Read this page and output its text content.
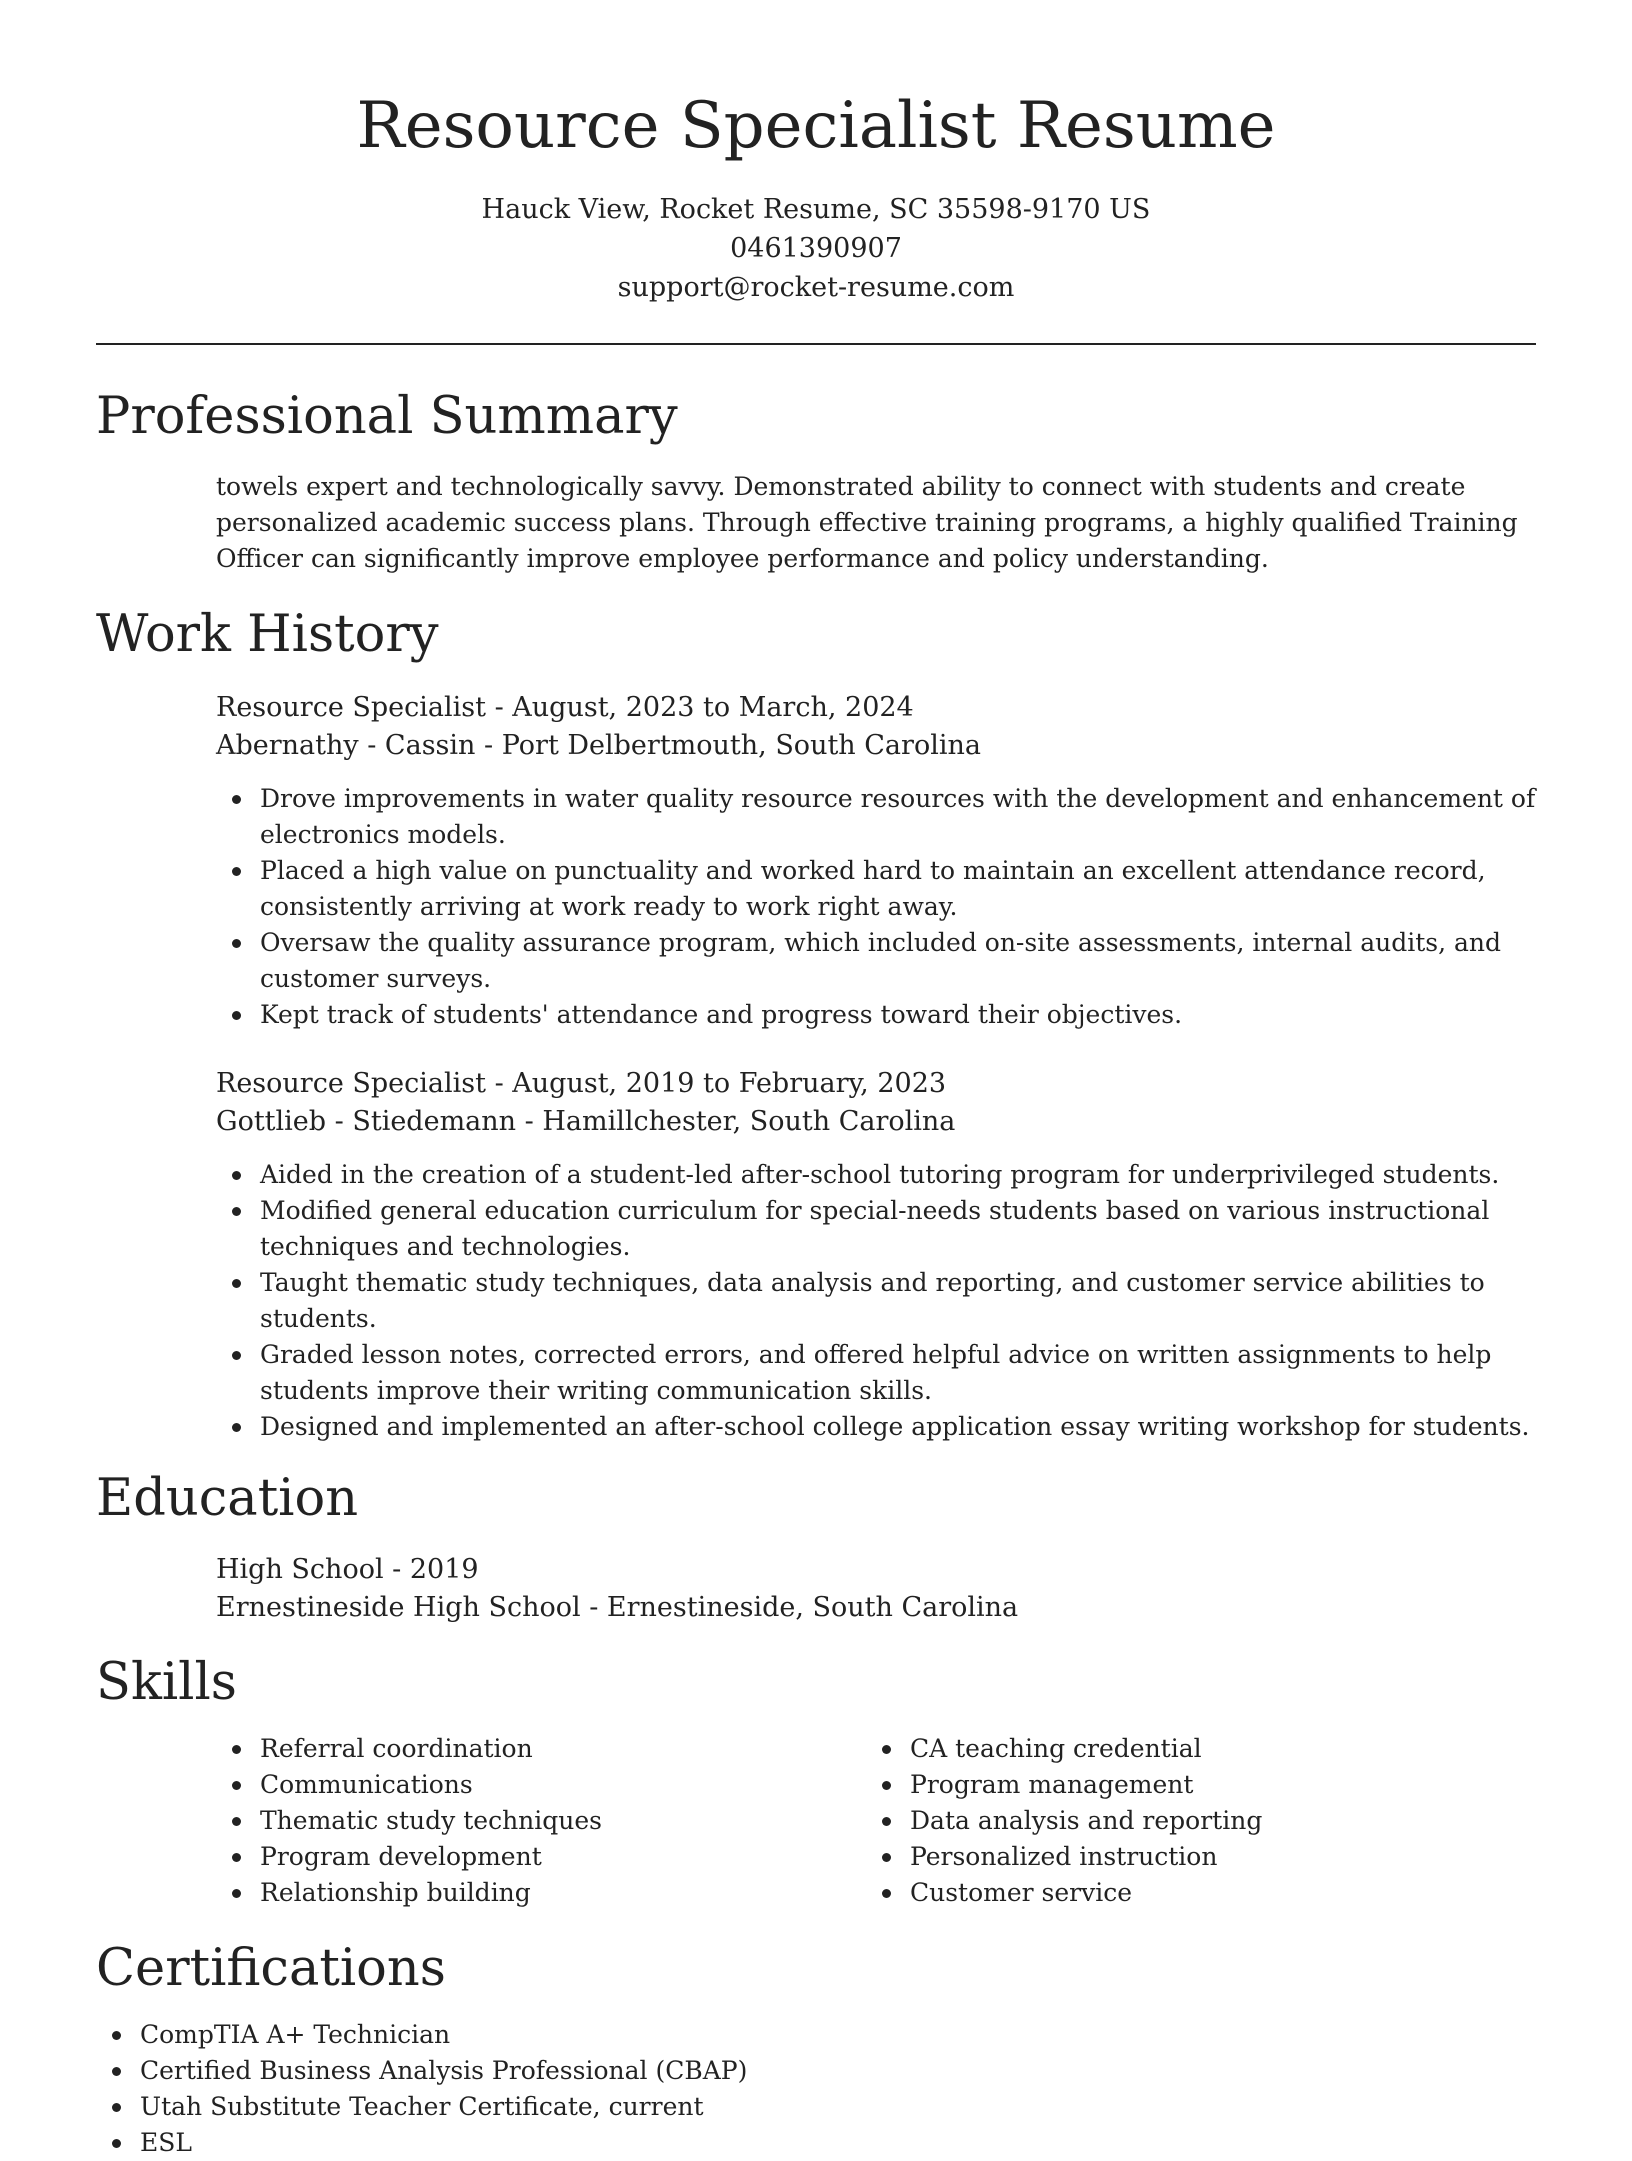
Resource Specialist Resume
Hauck View, Rocket Resume, SC 35598-9170 US
0461390907
support@rocket-resume.com
Professional Summary
towels expert and technologically savvy. Demonstrated ability to connect with students and create personalized academic success plans. Through effective training programs, a highly qualified Training Officer can significantly improve employee performance and policy understanding.
Work History
Resource Specialist - August, 2023 to March, 2024
Abernathy - Cassin - Port Delbertmouth, South Carolina
Drove improvements in water quality resource resources with the development and enhancement of electronics models.
Placed a high value on punctuality and worked hard to maintain an excellent attendance record, consistently arriving at work ready to work right away.
Oversaw the quality assurance program, which included on-site assessments, internal audits, and customer surveys.
Kept track of students' attendance and progress toward their objectives.
Resource Specialist - August, 2019 to February, 2023
Gottlieb - Stiedemann - Hamillchester, South Carolina
Aided in the creation of a student-led after-school tutoring program for underprivileged students.
Modified general education curriculum for special-needs students based on various instructional techniques and technologies.
Taught thematic study techniques, data analysis and reporting, and customer service abilities to students.
Graded lesson notes, corrected errors, and offered helpful advice on written assignments to help students improve their writing communication skills.
Designed and implemented an after-school college application essay writing workshop for students.
Education
High School - 2019
Ernestineside High School - Ernestineside, South Carolina
Skills
Referral coordination
Communications
Thematic study techniques
Program development
Relationship building
CA teaching credential
Program management
Data analysis and reporting
Personalized instruction
Customer service
Certifications
CompTIA A+ Technician
Certified Business Analysis Professional (CBAP)
Utah Substitute Teacher Certificate, current
ESL
